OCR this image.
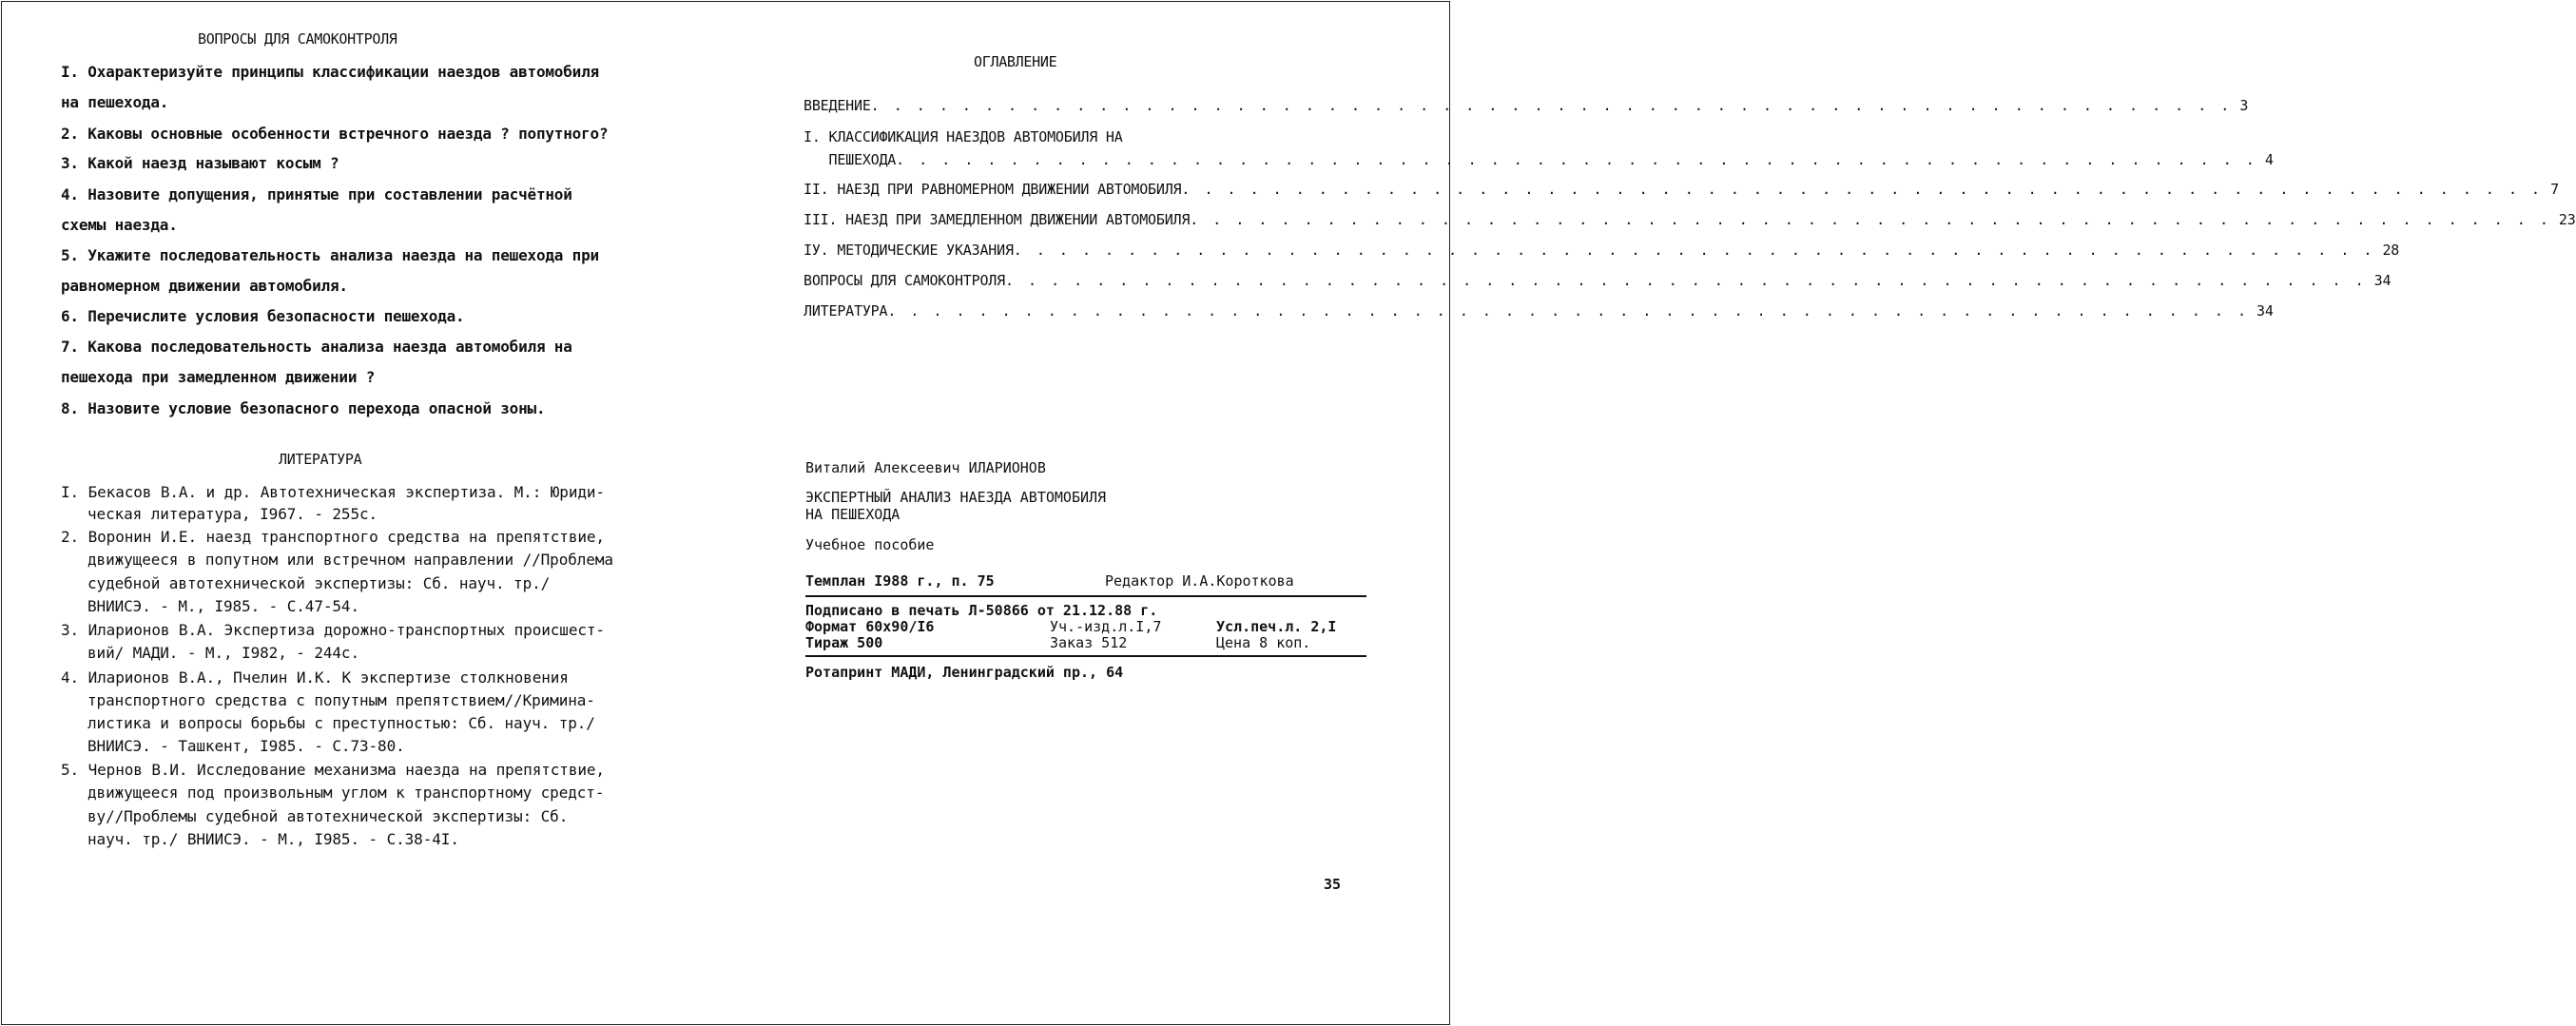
ВОПРОСЫ ДЛЯ САМОКОНТРОЛЯ
I. Охарактеризуйте принципы классификации наездов автомобиля
на пешехода.
2. Каковы основные особенности встречного наезда ? попутного?
3. Какой наезд называют косым ?
4. Назовите допущения, принятые при составлении расчётной
схемы наезда.
5. Укажите последовательность анализа наезда на пешехода при
равномерном движении автомобиля.
6. Перечислите условия безопасности пешехода.
7. Какова последовательность анализа наезда автомобиля на
пешехода при замедленном движении ?
8. Назовите условие безопасного перехода опасной зоны.
ЛИТЕРАТУРА
I. Бекасов В.А. и др. Автотехническая экспертиза. М.: Юриди-
ческая литература, I967. - 255с.
2. Воронин И.Е. наезд транспортного средства на препятствие,
движущееся в попутном или встречном направлении //Проблема
судебной автотехнической экспертизы: Сб. науч. тр./
ВНИИСЭ. - М., I985. - С.47-54.
3. Иларионов В.А. Экспертиза дорожно-транспортных происшест-
вий/ МАДИ. - М., I982, - 244с.
4. Иларионов В.А., Пчелин И.К. К экспертизе столкновения
транспортного средства с попутным препятствием//Кримина-
листика и вопросы борьбы с преступностью: Сб. науч. тр./
ВНИИСЭ. - Ташкент, I985. - С.73-80.
5. Чернов В.И. Исследование механизма наезда на препятствие,
движущееся под произвольным углом к транспортному средст-
ву//Проблемы судебной автотехнической экспертизы: Сб.
науч. тр./ ВНИИСЭ. - М., I985. - С.38-4I.
ОГЛАВЛЕНИЕ
ВВЕДЕНИЕ . . . . . . . . . . . . . . . . . . . . . . . . . . . . . . . . . . . . . . . . . . . . . . . . . . . . . . . . . . . . 3
I. КЛАССИФИКАЦИЯ НАЕЗДОВ АВТОМОБИЛЯ НА
ПЕШЕХОДА . . . . . . . . . . . . . . . . . . . . . . . . . . . . . . . . . . . . . . . . . . . . . . . . . . . . . . . . . . . . 4
II. НАЕЗД ПРИ РАВНОМЕРНОМ ДВИЖЕНИИ АВТОМОБИЛЯ . . . . . . . . . . . . . . . . . . . . . . . . . . . . . . . . . . . . . . . . . . . . . . . . . . . . . . . . . . . . 7
III. НАЕЗД ПРИ ЗАМЕДЛЕННОМ ДВИЖЕНИИ АВТОМОБИЛЯ . . . . . . . . . . . . . . . . . . . . . . . . . . . . . . . . . . . . . . . . . . . . . . . . . . . . . . . . . . . . 23
IУ. МЕТОДИЧЕСКИЕ УКАЗАНИЯ . . . . . . . . . . . . . . . . . . . . . . . . . . . . . . . . . . . . . . . . . . . . . . . . . . . . . . . . . . . . 28
ВОПРОСЫ ДЛЯ САМОКОНТРОЛЯ . . . . . . . . . . . . . . . . . . . . . . . . . . . . . . . . . . . . . . . . . . . . . . . . . . . . . . . . . . . . 34
ЛИТЕРАТУРА . . . . . . . . . . . . . . . . . . . . . . . . . . . . . . . . . . . . . . . . . . . . . . . . . . . . . . . . . . . . 34
Виталий Алексеевич ИЛАРИОНОВ
ЭКСПЕРТНЫЙ АНАЛИЗ НАЕЗДА АВТОМОБИЛЯ
НА ПЕШЕХОДА
Учебное пособие
Темплан I988 г., п. 75	Редактор И.А.Короткова
Подписано в печать Л-50866 от 21.12.88 г.
Формат 60х90/I6	Уч.-изд.л.I,7	Усл.печ.л. 2,I
Тираж 500	Заказ 512	Цена 8 коп.
Ротапринт МАДИ, Ленинградский пр., 64
35
